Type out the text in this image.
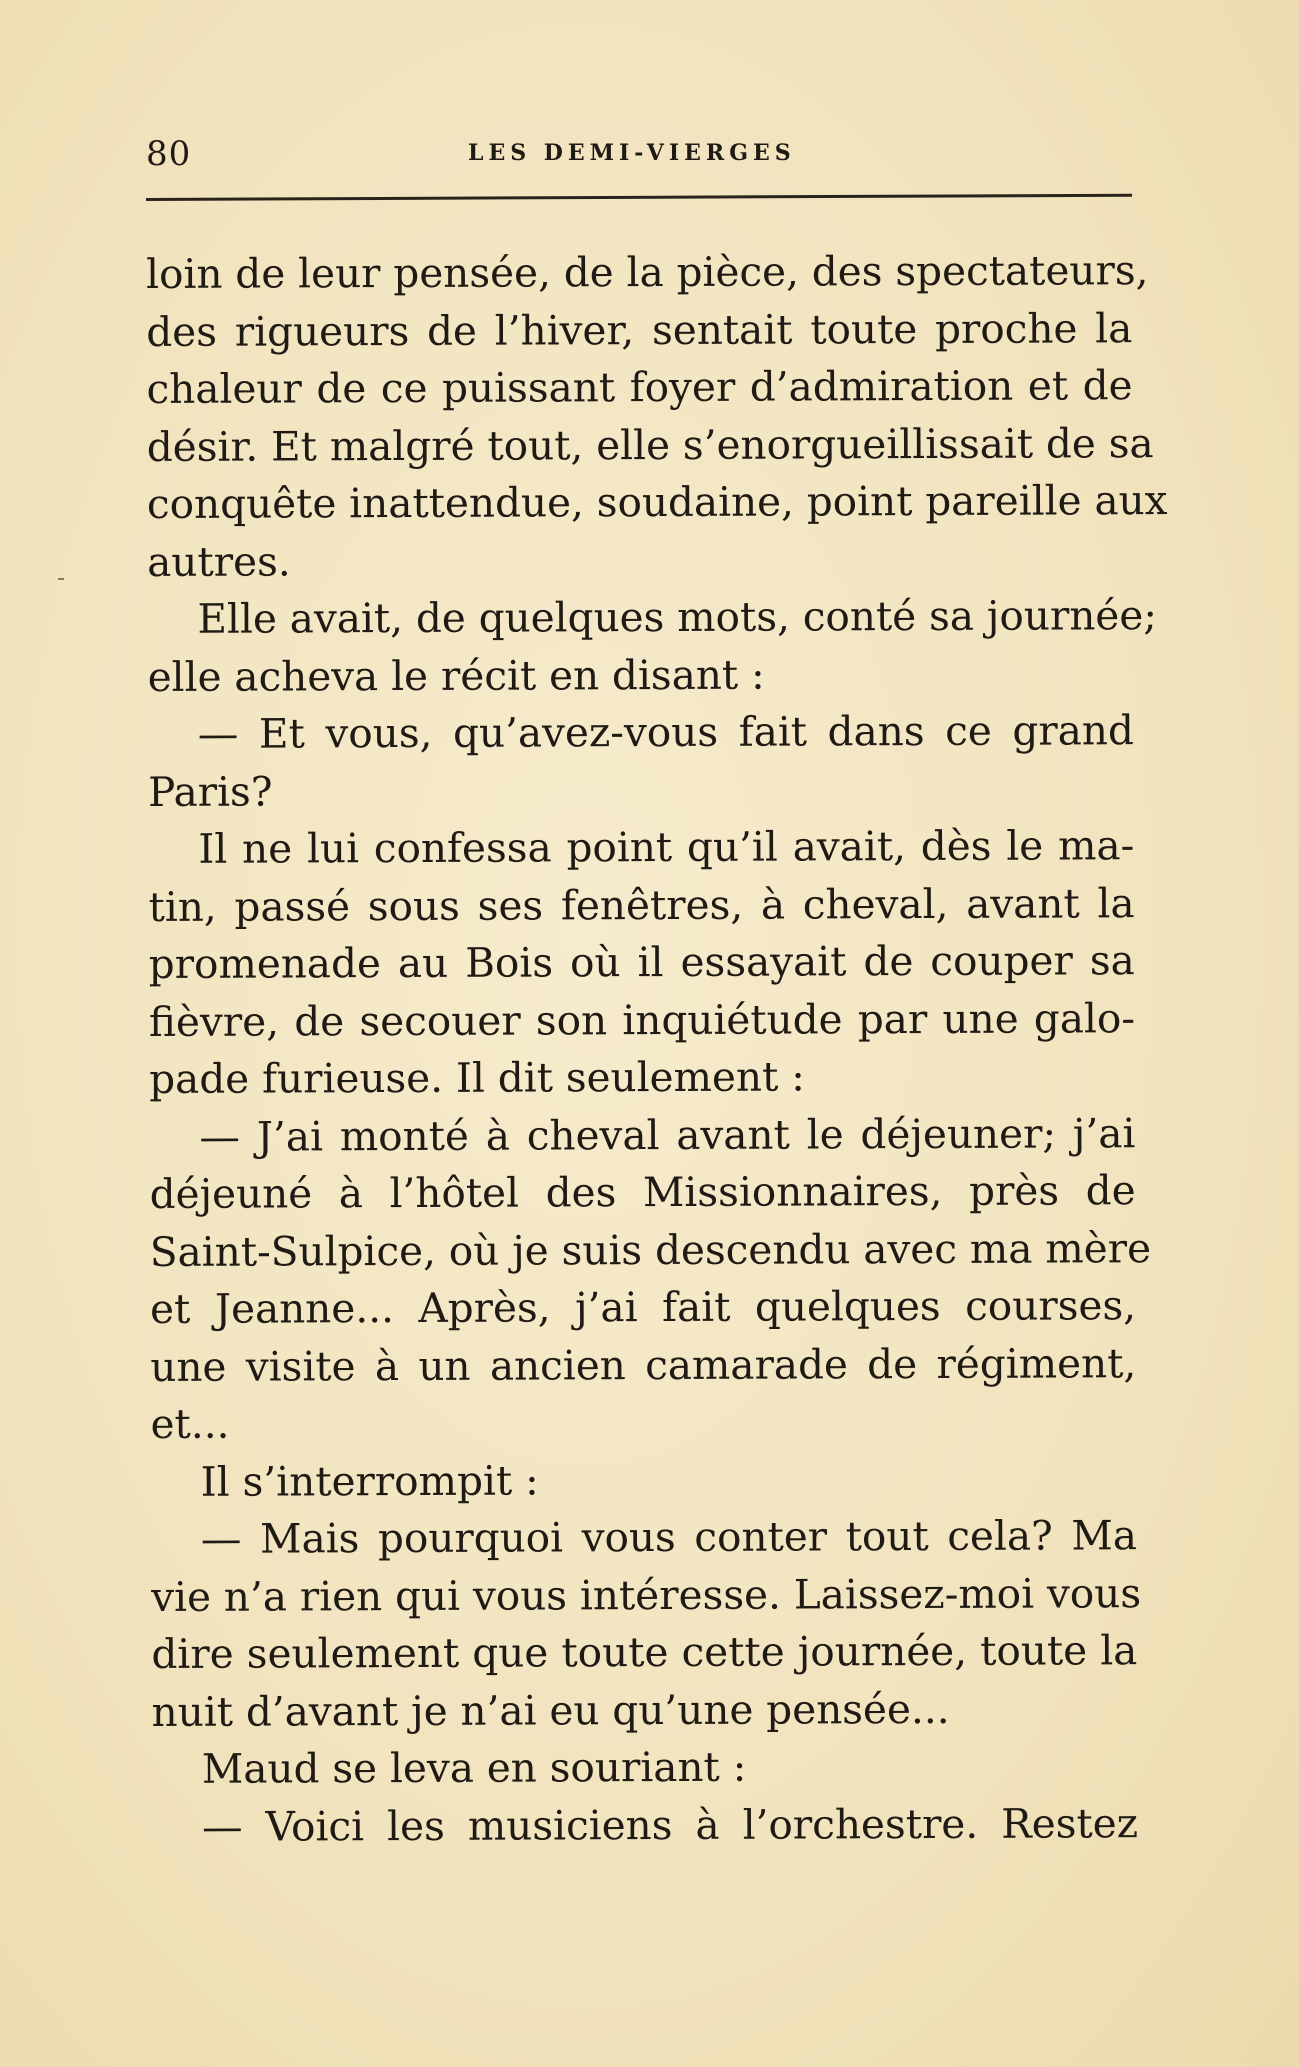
80	LES DEMI-VIERGES
loin de leur pensée, de la pièce, des spectateurs,
des rigueurs de l’hiver, sentait toute proche la
chaleur de ce puissant foyer d’admiration et de
désir. Et malgré tout, elle s’enorgueillissait de sa
conquête inattendue, soudaine, point pareille aux
autres.
Elle avait, de quelques mots, conté sa journée;
elle acheva le récit en disant :
— Et vous, qu’avez-vous fait dans ce grand
Paris?
Il ne lui confessa point qu’il avait, dès le ma-
tin, passé sous ses fenêtres, à cheval, avant la
promenade au Bois où il essayait de couper sa
fièvre, de secouer son inquiétude par une galo-
pade furieuse. Il dit seulement :
— J’ai monté à cheval avant le déjeuner; j’ai
déjeuné à l’hôtel des Missionnaires, près de
Saint-Sulpice, où je suis descendu avec ma mère
et Jeanne... Après, j’ai fait quelques courses,
une visite à un ancien camarade de régiment,
et...
Il s’interrompit :
— Mais pourquoi vous conter tout cela? Ma
vie n’a rien qui vous intéresse. Laissez-moi vous
dire seulement que toute cette journée, toute la
nuit d’avant je n’ai eu qu’une pensée...
Maud se leva en souriant :
— Voici les musiciens à l’orchestre. Restez
